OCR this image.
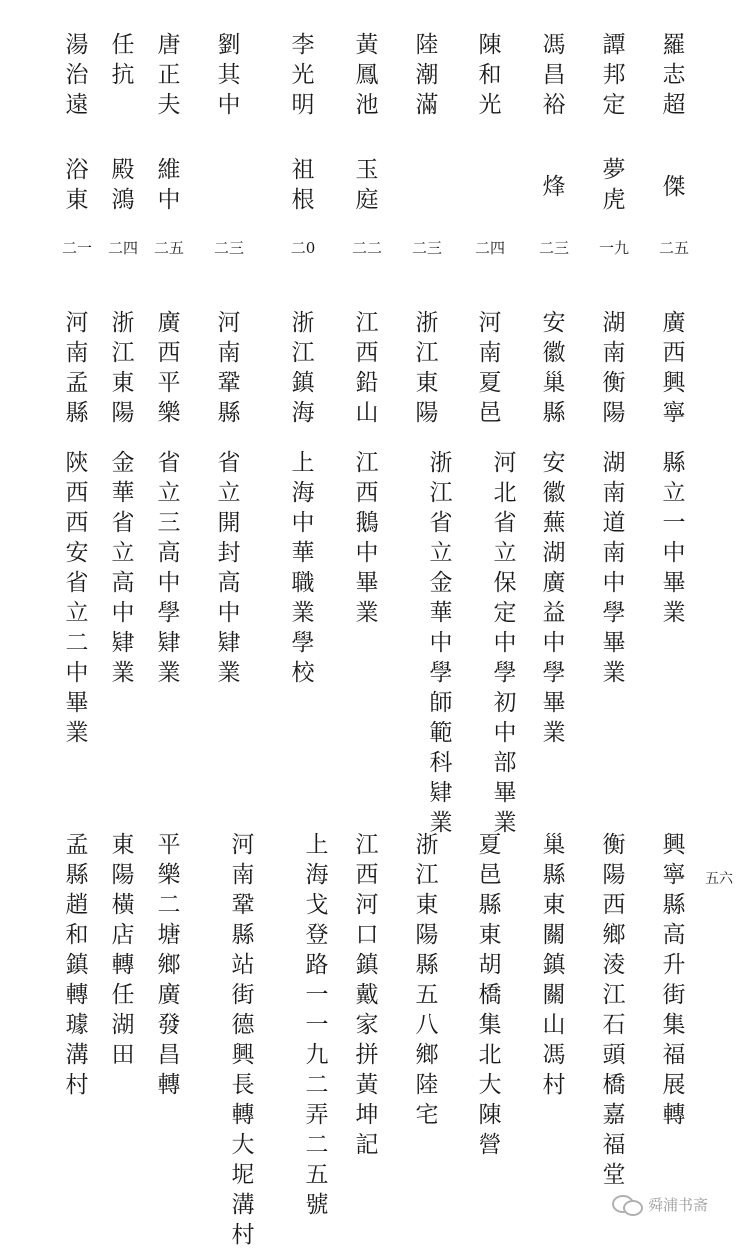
羅志超
傑
二五
廣西興寧
縣立一中畢業
興寧縣高升街集福展轉
譚邦定
夢虎
一九
湖南衡陽
湖南道南中學畢業
衡陽西鄉淩江石頭橋嘉福堂
馮昌裕
烽
二三
安徽巢縣
安徽蕪湖廣益中學畢業
巢縣東關鎮關山馮村
陳和光
二四
河南夏邑
河北省立保定中學初中部畢業
夏邑縣東胡橋集北大陳營
陸潮滿
二三
浙江東陽
浙江省立金華中學師範科肄業
浙江東陽縣五八鄉陸宅
黃鳳池
玉庭
二二
江西鉛山
江西鵝中畢業
江西河口鎮戴家拼黃坤記
李光明
祖根
二0
浙江鎮海
上海中華職業學校
上海戈登路一一九二弄二五號
劉其中
二三
河南鞏縣
省立開封高中肄業
河南鞏縣站街德興長轉大坭溝村
唐正夫
維中
二五
廣西平樂
省立三高中學肄業
平樂二塘鄉廣發昌轉
任　抗
殿鴻
二四
浙江東陽
金華省立高中肄業
東陽橫店轉任湖田
湯治遠
浴東
二一
河南孟縣
陝西西安省立二中畢業
孟縣趙和鎮轉璩溝村
五六
舜浦书斋
